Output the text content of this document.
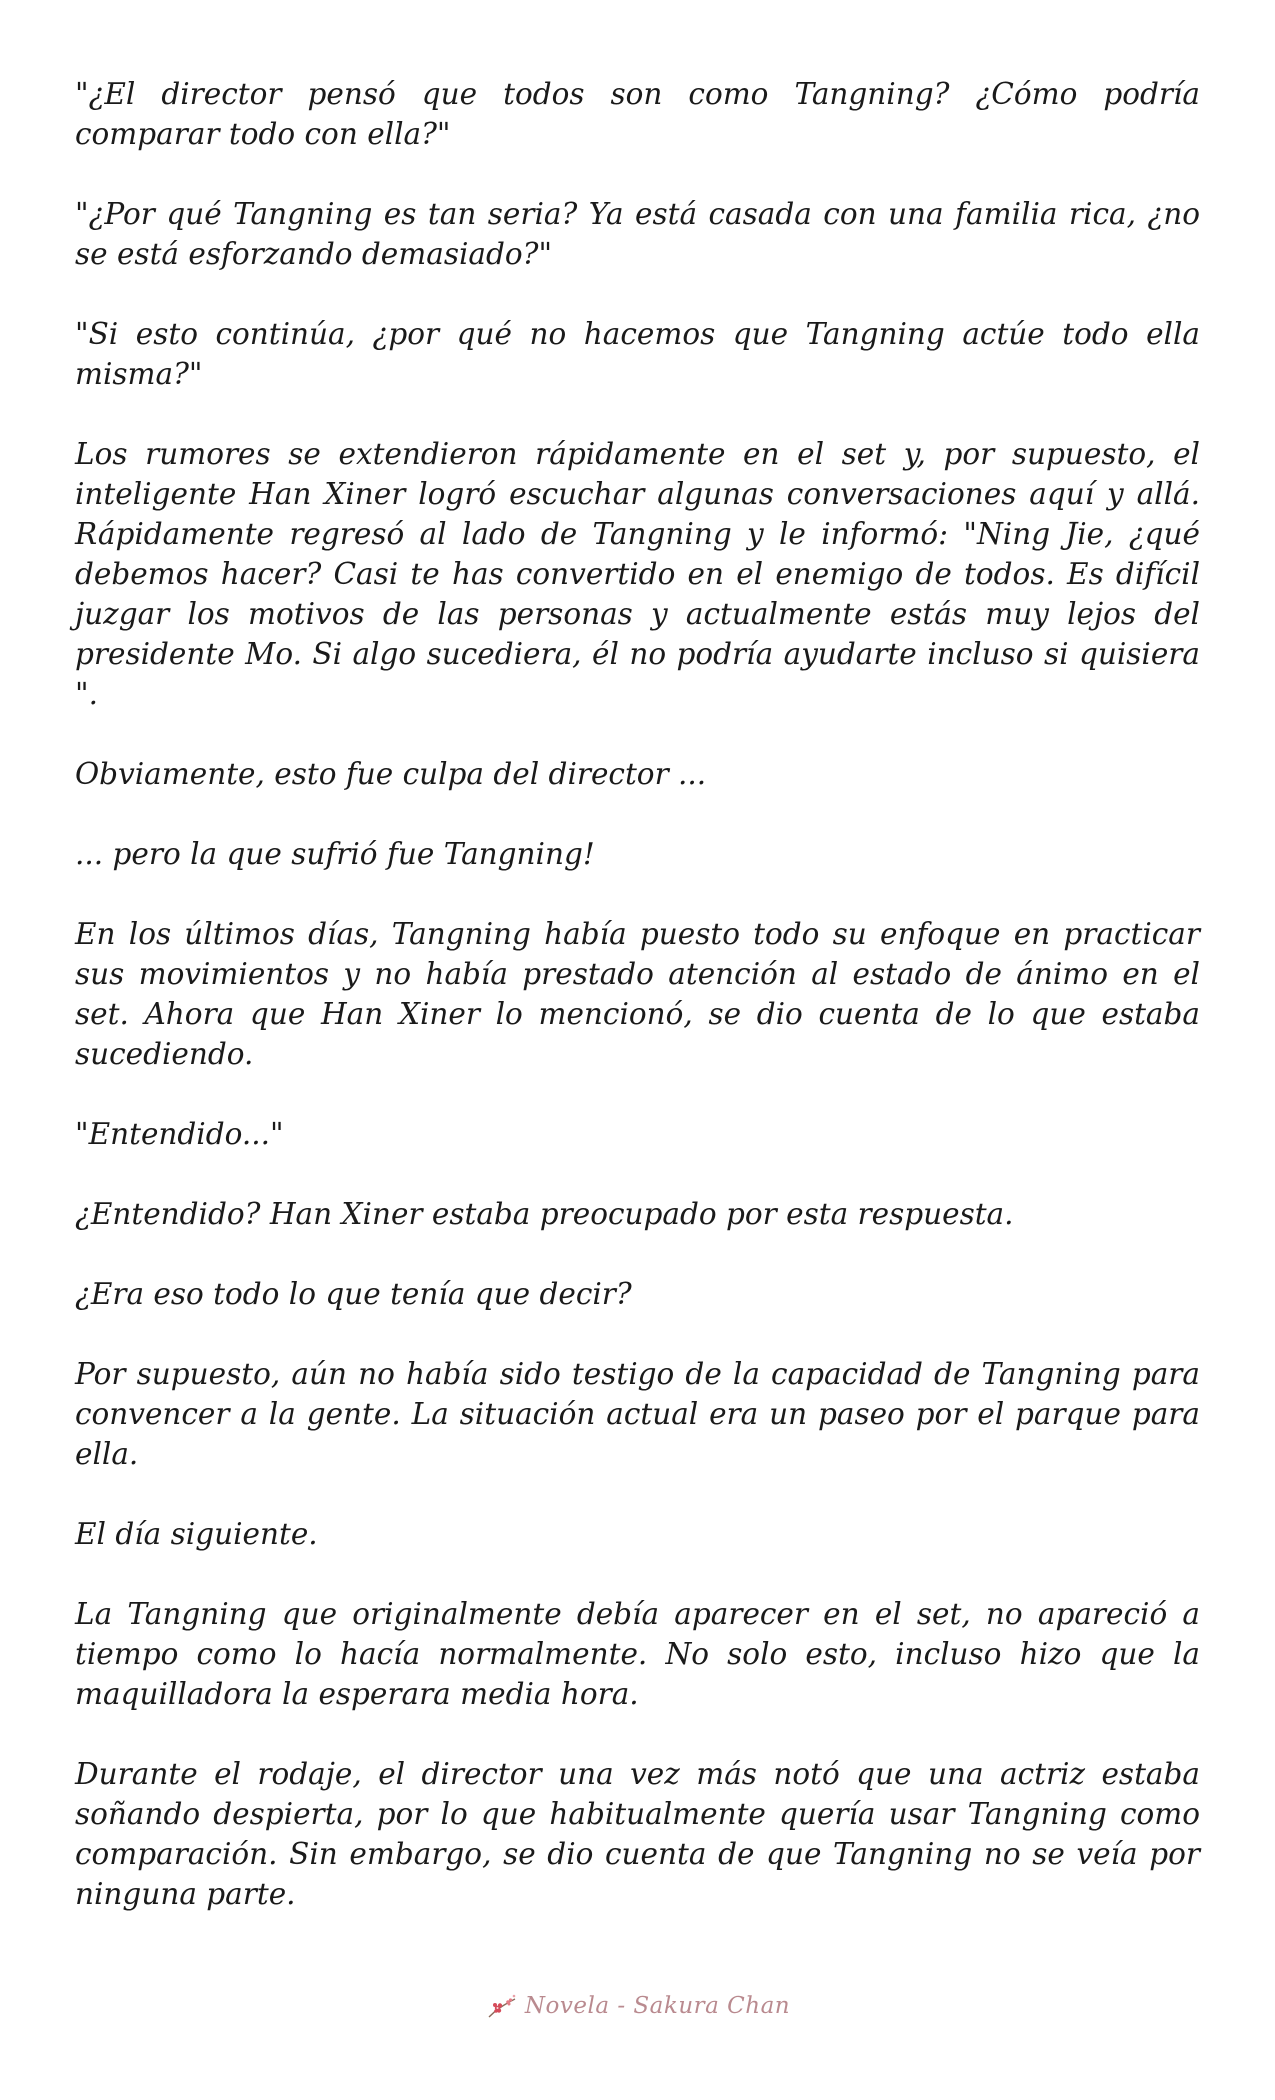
"¿El director pensó que todos son como Tangning? ¿Cómo podría comparar todo con ella?"

"¿Por qué Tangning es tan seria? Ya está casada con una familia rica, ¿no se está esforzando demasiado?"

"Si esto continúa, ¿por qué no hacemos que Tangning actúe todo ella misma?"

Los rumores se extendieron rápidamente en el set y, por supuesto, el inteligente Han Xiner logró escuchar algunas conversaciones aquí y allá. Rápidamente regresó al lado de Tangning y le informó: "Ning Jie, ¿qué debemos hacer? Casi te has convertido en el enemigo de todos. Es difícil juzgar los motivos de las personas y actualmente estás muy lejos del presidente Mo. Si algo sucediera, él no podría ayudarte incluso si quisiera ".

Obviamente, esto fue culpa del director ...

... pero la que sufrió fue Tangning!

En los últimos días, Tangning había puesto todo su enfoque en practicar sus movimientos y no había prestado atención al estado de ánimo en el set. Ahora que Han Xiner lo mencionó, se dio cuenta de lo que estaba sucediendo.

"Entendido..."

¿Entendido? Han Xiner estaba preocupado por esta respuesta.

¿Era eso todo lo que tenía que decir?

Por supuesto, aún no había sido testigo de la capacidad de Tangning para convencer a la gente. La situación actual era un paseo por el parque para ella.

El día siguiente.

La Tangning que originalmente debía aparecer en el set, no apareció a tiempo como lo hacía normalmente. No solo esto, incluso hizo que la maquilladora la esperara media hora.

Durante el rodaje, el director una vez más notó que una actriz estaba soñando despierta, por lo que habitualmente quería usar Tangning como comparación. Sin embargo, se dio cuenta de que Tangning no se veía por ninguna parte.

Novela - Sakura Chan
